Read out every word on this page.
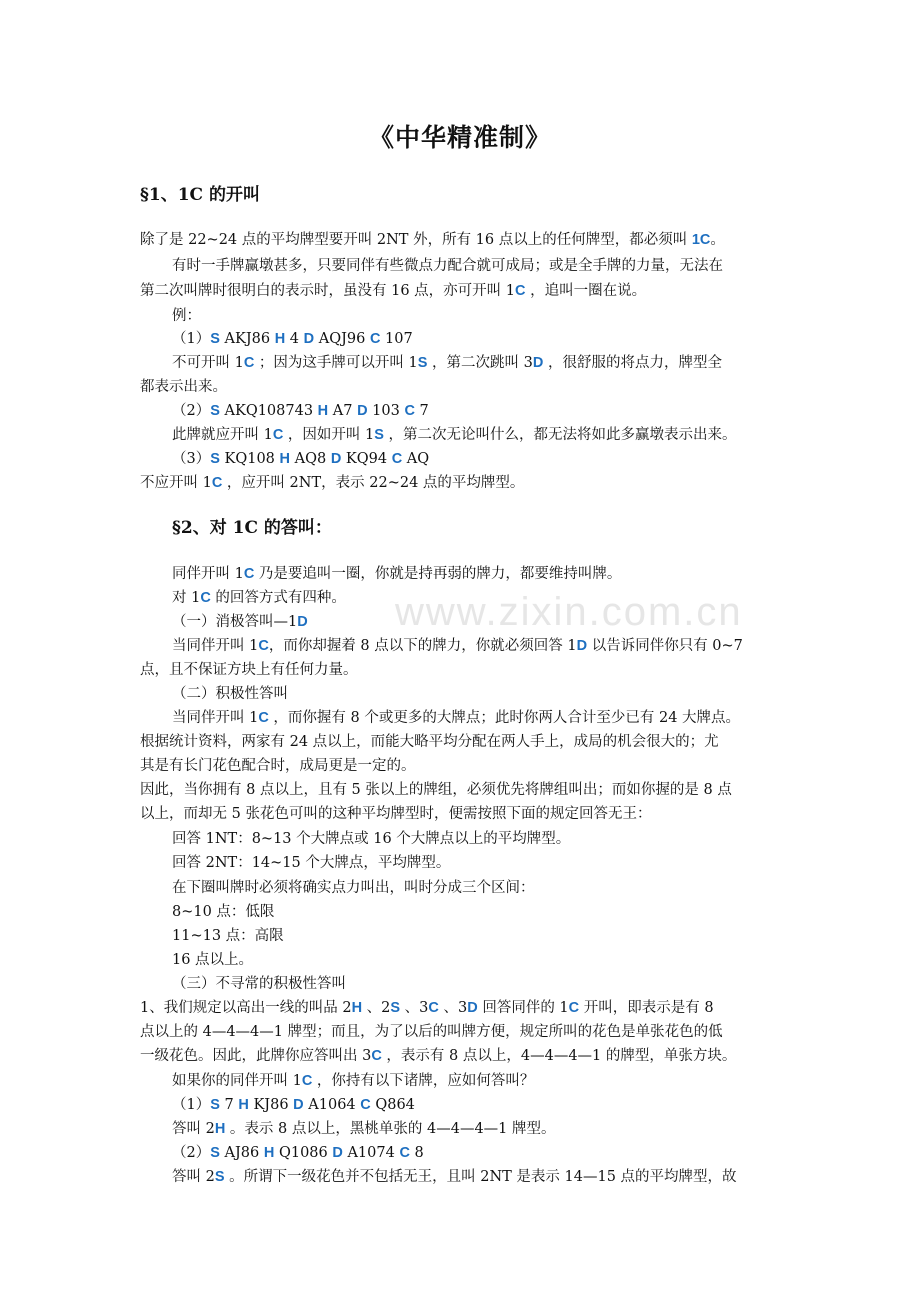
《中华精准制》
§1、1C 的开叫
§2、对 1C 的答叫：
www.zixin.com.cn
除了是 22~24 点的平均牌型要开叫 2NT 外，所有 16 点以上的任何牌型，都必须叫 1C。
有时一手牌赢墩甚多，只要同伴有些微点力配合就可成局；或是全手牌的力量，无法在
第二次叫牌时很明白的表示时，虽没有 16 点，亦可开叫 1C ，追叫一圈在说。
例：
（1）S AKJ86 H 4 D AQJ96 C 107
不可开叫 1C ；因为这手牌可以开叫 1S ，第二次跳叫 3D ，很舒服的将点力，牌型全
都表示出来。
（2）S AKQ108743 H A7 D 103 C 7
此牌就应开叫 1C ，因如开叫 1S ，第二次无论叫什么，都无法将如此多赢墩表示出来。
（3）S KQ108 H AQ8 D KQ94 C AQ
不应开叫 1C ，应开叫 2NT，表示 22~24 点的平均牌型。
同伴开叫 1C 乃是要追叫一圈，你就是持再弱的牌力，都要维持叫牌。
对 1C 的回答方式有四种。
（一）消极答叫—1D
当同伴开叫 1C，而你却握着 8 点以下的牌力，你就必须回答 1D 以告诉同伴你只有 0~7
点，且不保证方块上有任何力量。
（二）积极性答叫
当同伴开叫 1C ，而你握有 8 个或更多的大牌点；此时你两人合计至少已有 24 大牌点。
根据统计资料，两家有 24 点以上，而能大略平均分配在两人手上，成局的机会很大的；尤
其是有长门花色配合时，成局更是一定的。
因此，当你拥有 8 点以上，且有 5 张以上的牌组，必须优先将牌组叫出；而如你握的是 8 点
以上，而却无 5 张花色可叫的这种平均牌型时，便需按照下面的规定回答无王：
回答 1NT：8~13 个大牌点或 16 个大牌点以上的平均牌型。
回答 2NT：14~15 个大牌点，平均牌型。
在下圈叫牌时必须将确实点力叫出，叫时分成三个区间：
8~10 点：低限
11~13 点：高限
16 点以上。
（三）不寻常的积极性答叫
1、我们规定以高出一线的叫品 2H 、2S 、3C 、3D 回答同伴的 1C 开叫，即表示是有 8
点以上的 4—4—4—1 牌型；而且，为了以后的叫牌方便，规定所叫的花色是单张花色的低
一级花色。因此，此牌你应答叫出 3C ，表示有 8 点以上，4—4—4—1 的牌型，单张方块。
如果你的同伴开叫 1C ，你持有以下诸牌，应如何答叫？
（1）S 7 H KJ86 D A1064 C Q864
答叫 2H 。表示 8 点以上，黑桃单张的 4—4—4—1 牌型。
（2）S AJ86 H Q1086 D A1074 C 8
答叫 2S 。所谓下一级花色并不包括无王，且叫 2NT 是表示 14—15 点的平均牌型，故
